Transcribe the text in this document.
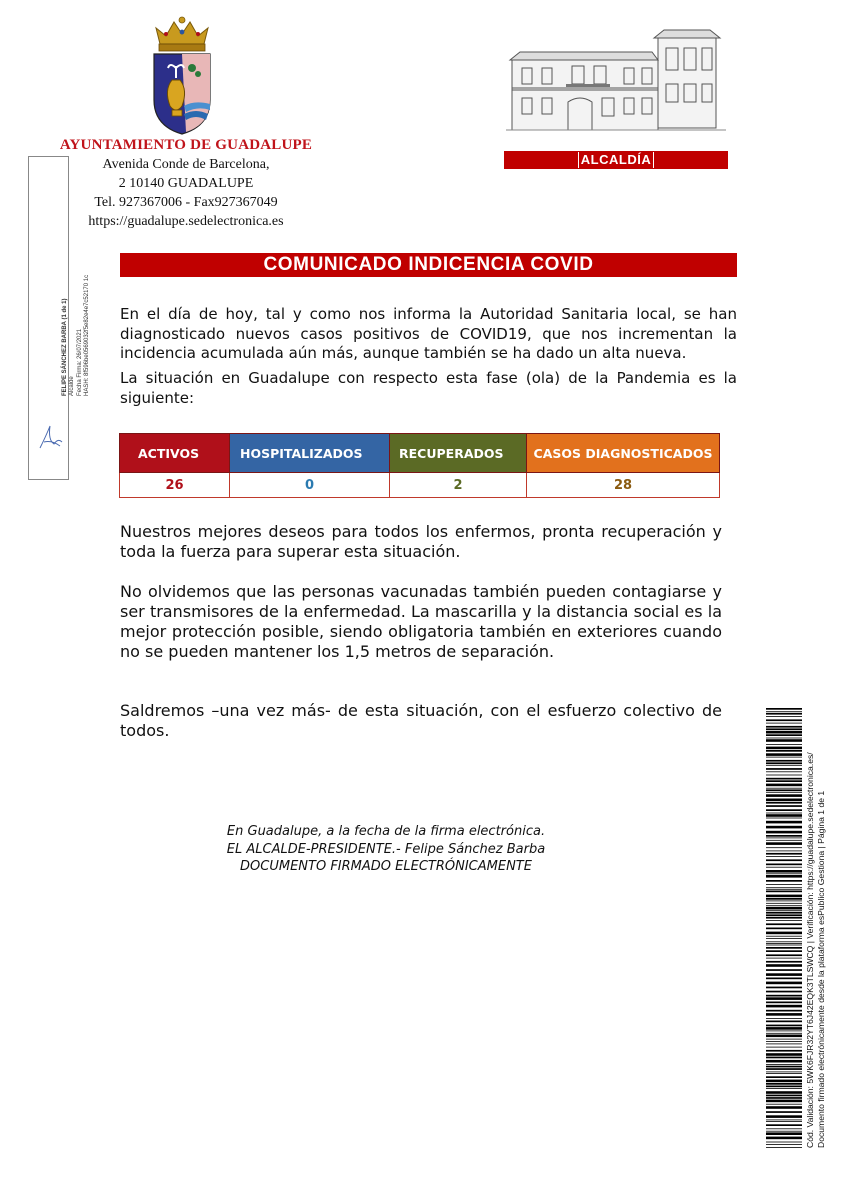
AYUNTAMIENTO DE GUADALUPE
Avenida Conde de Barcelona,
2 10140 GUADALUPE
Tel. 927367006 - Fax927367049
https://guadalupe.sedelectronica.es
ALCALDÍA
FELIPE SÁNCHEZ BARBA (1 de 1) Alcalde Fecha Firma: 26/07/2021 HASH: 8f596be0569032f5e82e4e7c52170 1c
COMUNICADO INDICENCIA COVID
En el día de hoy, tal y como nos informa la Autoridad Sanitaria local, se han diagnosticado nuevos casos positivos de COVID19, que nos incrementan la incidencia acumulada aún más, aunque también se ha dado un alta nueva.
La situación en Guadalupe con respecto esta fase (ola) de la Pandemia es la siguiente:
ACTIVOS	HOSPITALIZADOS	RECUPERADOS	CASOS DIAGNOSTICADOS
26	0	2	28
Nuestros mejores deseos para todos los enfermos, pronta recuperación y toda la fuerza para superar esta situación.
No olvidemos que las personas vacunadas también pueden contagiarse y ser transmisores de la enfermedad. La mascarilla y la distancia social es la mejor protección posible, siendo obligatoria también en exteriores cuando no se pueden mantener los 1,5 metros de separación.
Saldremos –una vez más- de esta situación, con el esfuerzo colectivo de todos.
En Guadalupe, a la fecha de la firma electrónica.
EL ALCALDE-PRESIDENTE.- Felipe Sánchez Barba
DOCUMENTO FIRMADO ELECTRÓNICAMENTE	Cód. Validación: 5WK6FJR32YT6J42EQK3TLSWCQ | Verificación: https://guadalupe.sedelectronica.es/ Documento firmado electrónicamente desde la plataforma esPublico Gestiona | Página 1 de 1
